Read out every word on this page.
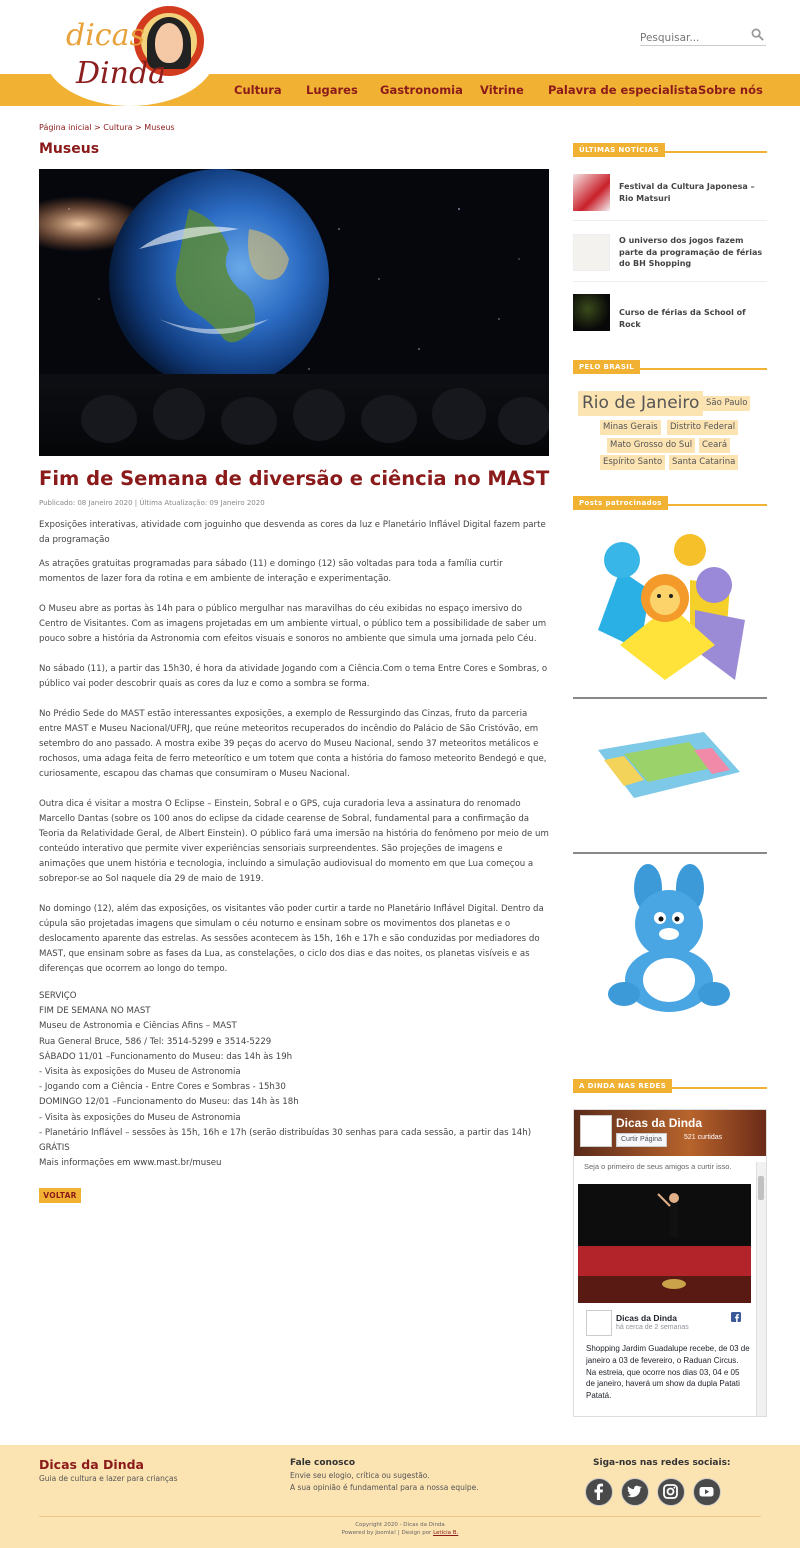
dicas
Dinda	Cultura Lugares Gastronomia Vitrine Palavra de especialista Sobre nós
Pesquisar...
Página inicial > Cultura > Museus
Museus
Fim de Semana de diversão e ciência no MAST
Publicado: 08 Janeiro 2020 | Última Atualização: 09 Janeiro 2020
Exposições interativas, atividade com joguinho que desvenda as cores da luz e Planetário Inflável Digital fazem parte da programação

As atrações gratuitas programadas para sábado (11) e domingo (12) são voltadas para toda a família curtir momentos de lazer fora da rotina e em ambiente de interação e experimentação.

O Museu abre as portas às 14h para o público mergulhar nas maravilhas do céu exibidas no espaço imersivo do Centro de Visitantes. Com as imagens projetadas em um ambiente virtual, o público tem a possibilidade de saber um pouco sobre a história da Astronomia com efeitos visuais e sonoros no ambiente que simula uma jornada pelo Céu.

No sábado (11), a partir das 15h30, é hora da atividade Jogando com a Ciência.Com o tema Entre Cores e Sombras, o público vai poder descobrir quais as cores da luz e como a sombra se forma.

No Prédio Sede do MAST estão interessantes exposições, a exemplo de Ressurgindo das Cinzas, fruto da parceria entre MAST e Museu Nacional/UFRJ, que reúne meteoritos recuperados do incêndio do Palácio de São Cristóvão, em setembro do ano passado. A mostra exibe 39 peças do acervo do Museu Nacional, sendo 37 meteoritos metálicos e rochosos, uma adaga feita de ferro meteorítico e um totem que conta a história do famoso meteorito Bendegó e que, curiosamente, escapou das chamas que consumiram o Museu Nacional.

Outra dica é visitar a mostra O Eclipse – Einstein, Sobral e o GPS, cuja curadoria leva a assinatura do renomado Marcello Dantas (sobre os 100 anos do eclipse da cidade cearense de Sobral, fundamental para a confirmação da Teoria da Relatividade Geral, de Albert Einstein). O público fará uma imersão na história do fenômeno por meio de um conteúdo interativo que permite viver experiências sensoriais surpreendentes. São projeções de imagens e animações que unem história e tecnologia, incluindo a simulação audiovisual do momento em que Lua começou a sobrepor-se ao Sol naquele dia 29 de maio de 1919.

No domingo (12), além das exposições, os visitantes vão poder curtir a tarde no Planetário Inflável Digital. Dentro da cúpula são projetadas imagens que simulam o céu noturno e ensinam sobre os movimentos dos planetas e o deslocamento aparente das estrelas. As sessões acontecem às 15h, 16h e 17h e são conduzidas por mediadores do MAST, que ensinam sobre as fases da Lua, as constelações, o ciclo dos dias e das noites, os planetas visíveis e as diferenças que ocorrem ao longo do tempo.

SERVIÇO
FIM DE SEMANA NO MAST
Museu de Astronomia e Ciências Afins – MAST
Rua General Bruce, 586 / Tel: 3514-5299 e 3514-5229
SÁBADO 11/01 –Funcionamento do Museu: das 14h às 19h
- Visita às exposições do Museu de Astronomia
- Jogando com a Ciência - Entre Cores e Sombras - 15h30
DOMINGO 12/01 –Funcionamento do Museu: das 14h às 18h
- Visita às exposições do Museu de Astronomia
- Planetário Inflável – sessões às 15h, 16h e 17h (serão distribuídas 30 senhas para cada sessão, a partir das 14h)
GRÁTIS
Mais informações em www.mast.br/museu
VOLTAR
ÚLTIMAS NOTÍCIAS
Festival da Cultura Japonesa – Rio Matsuri
O universo dos jogos fazem parte da programação de férias do BH Shopping
Curso de férias da School of Rock
PELO BRASIL
Rio de Janeiro São Paulo
Minas Gerais	Distrito Federal
Mato Grosso do Sul	Ceará
Espírito Santo	Santa Catarina
Posts patrocinados
A DINDA NAS REDES
Dicas da Dinda
Curtir Página	521 curtidas
Seja o primeiro de seus amigos a curtir isso.
Dicas da Dinda
há cerca de 2 semanas
Shopping Jardim Guadalupe recebe, de 03 de janeiro a 03 de fevereiro, o Raduan Circus.
Na estreia, que ocorre nos dias 03, 04 e 05 de janeiro, haverá um show da dupla Patati Patatá.
Dicas da Dinda
Guia de cultura e lazer para crianças
Fale conosco
Envie seu elogio, crítica ou sugestão.
A sua opinião é fundamental para a nossa equipe.
Siga-nos nas redes sociais:
Copyright 2020 - Dicas da Dinda
Powered by Joomla! | Design por Letícia B.
